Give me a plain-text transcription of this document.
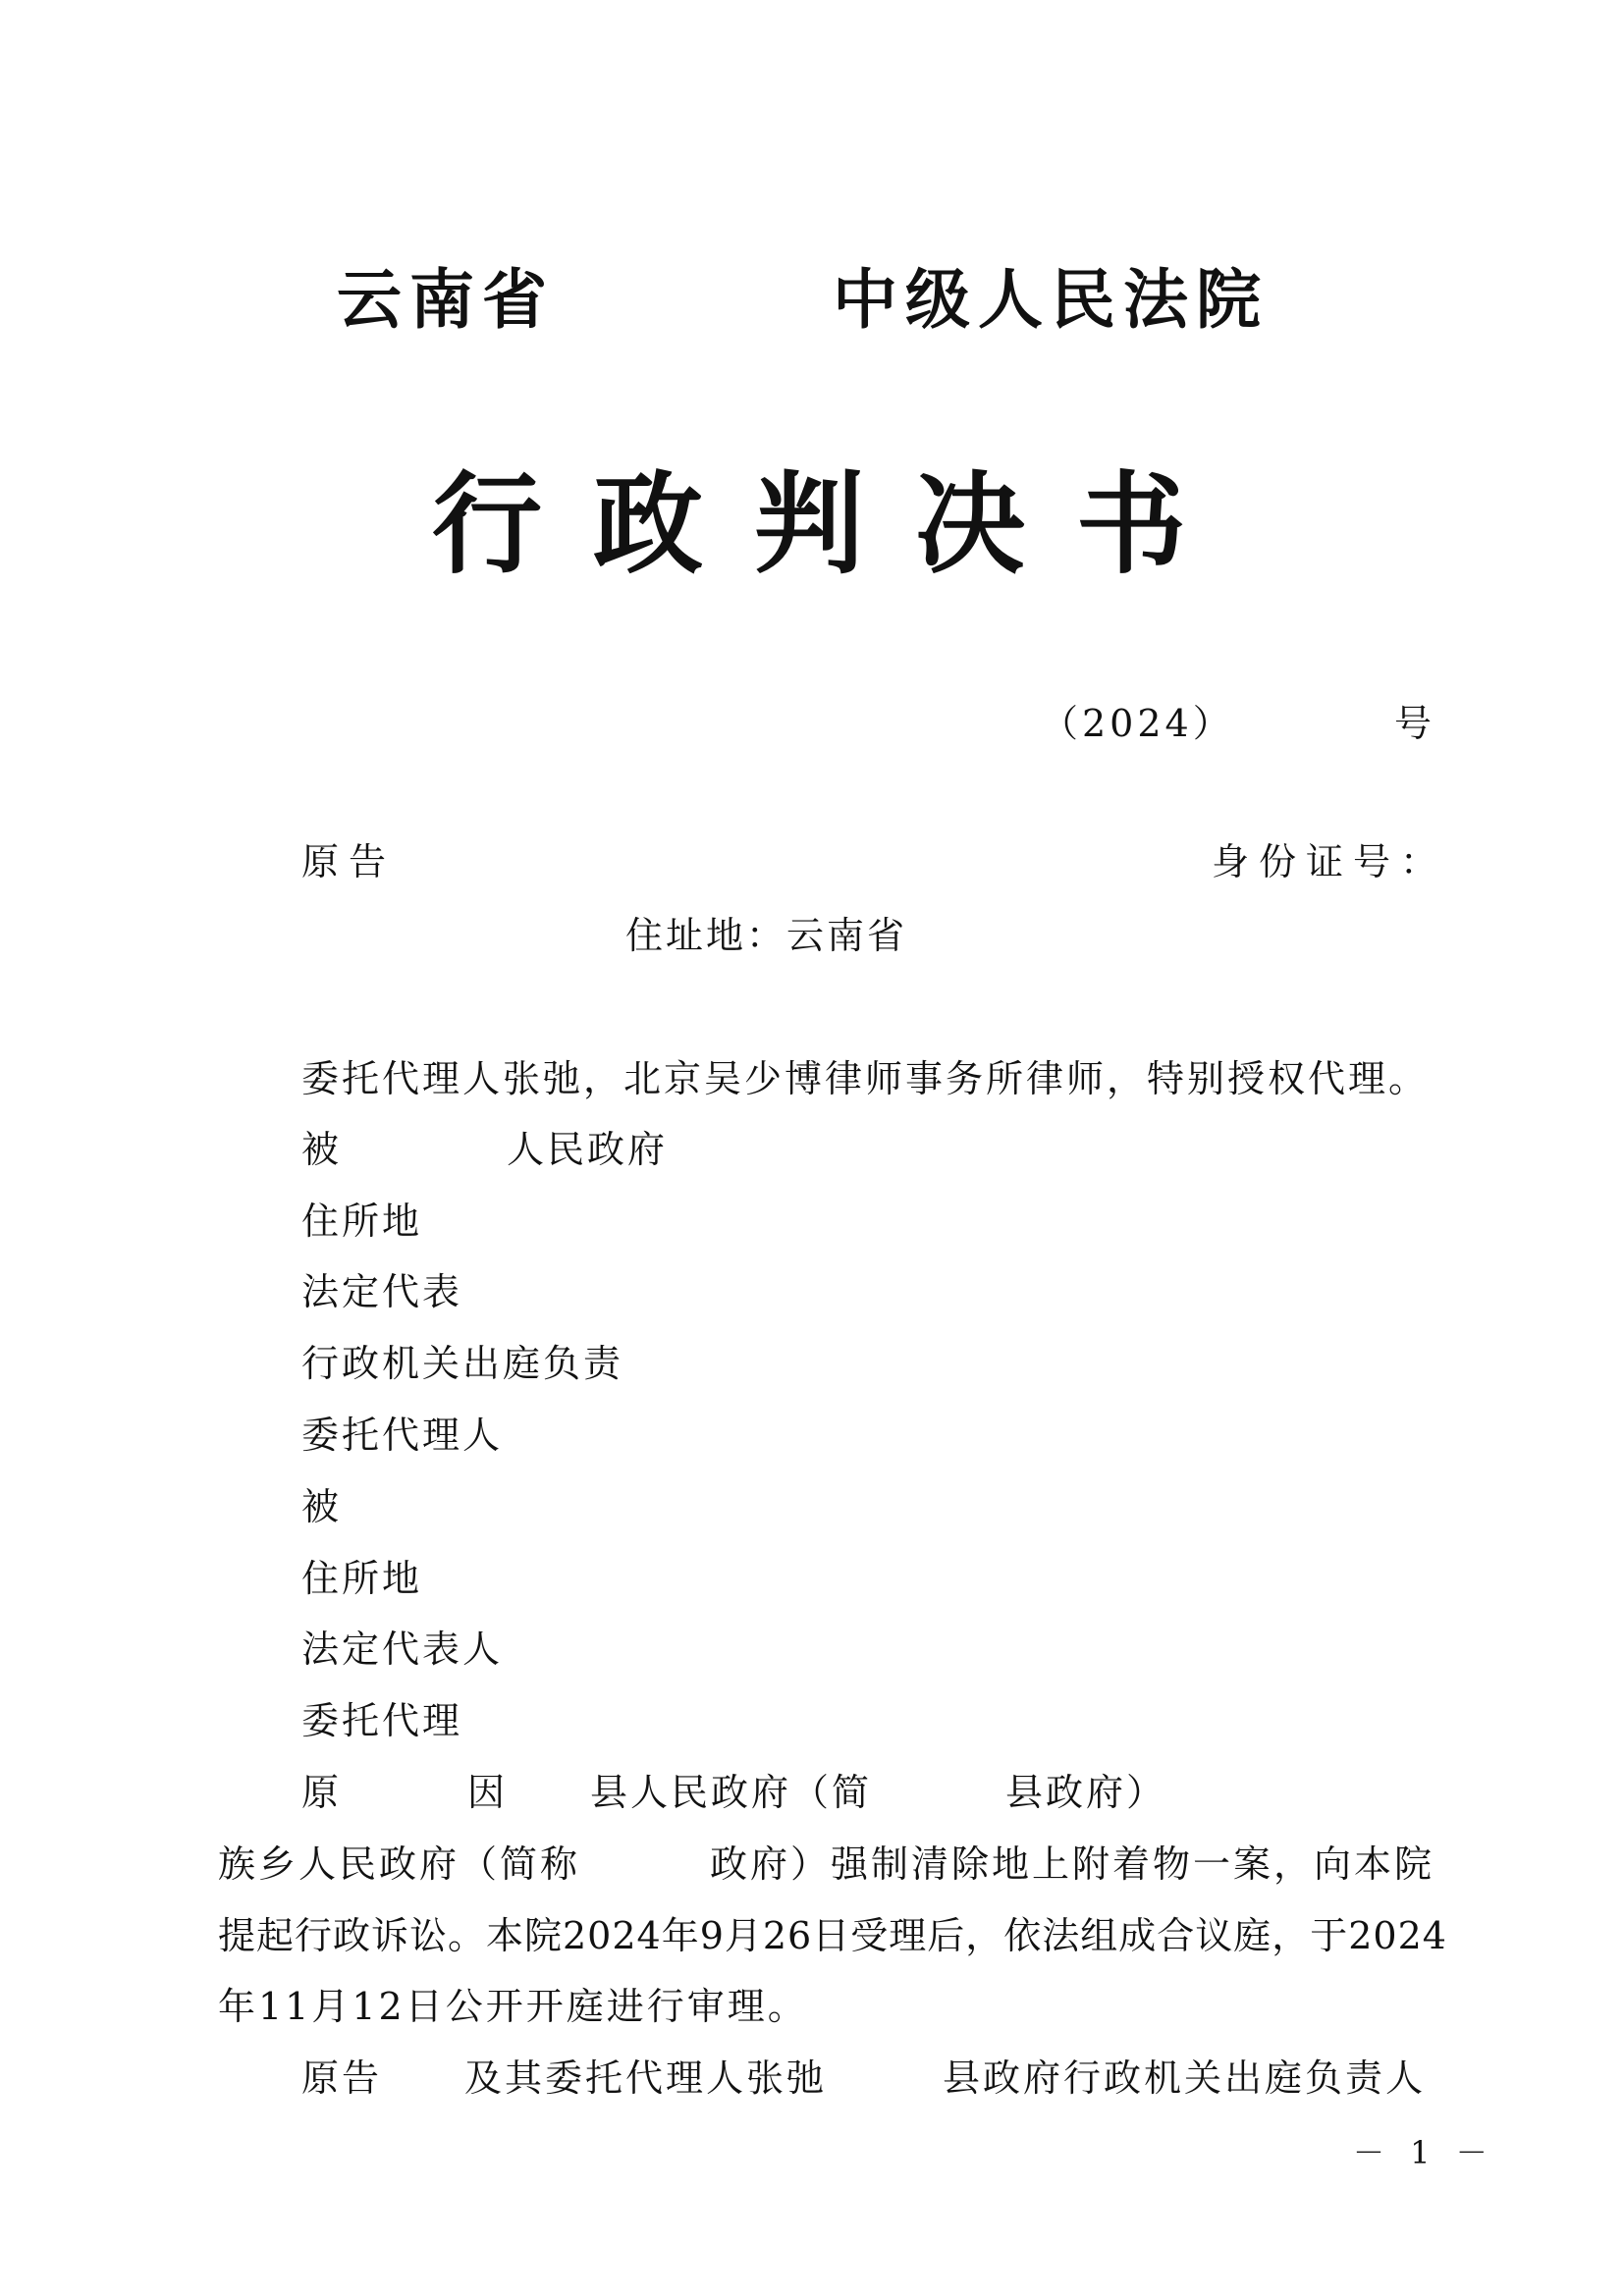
云南省	中级人民法院
行政判决书
（2024）	号
原告	身份证号：
住址地：云南省
委托代理人张弛，北京吴少博律师事务所律师，特别授权代理。
被	人民政府
住所地
法定代表
行政机关出庭负责
委托代理人
被
住所地
法定代表人
委托代理
原	因 县人民政府（简	县政府）
族乡人民政府（简称	政府）强制清除地上附着物一案，向本院
提起行政诉讼。本院2024年9月26日受理后，依法组成合议庭，于2024
年11月12日公开开庭进行审理。
原告 及其委托代理人张弛	县政府行政机关出庭负责人
－ 1 －
